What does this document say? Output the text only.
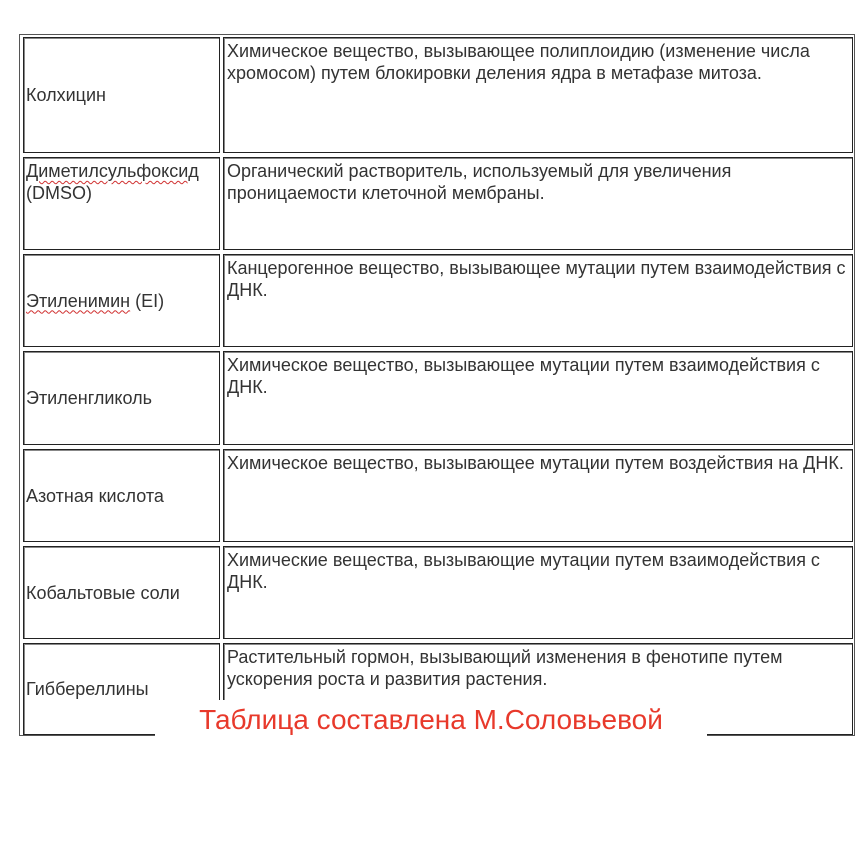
Колхицин
Химическое вещество, вызывающее полиплоидию (изменение числа хромосом) путем блокировки деления ядра в метафазе митоза.
Диметилсульфоксид
(DMSO)
Органический растворитель, используемый для увеличения проницаемости клеточной мембраны.
Этиленимин (EI)
Канцерогенное вещество, вызывающее мутации путем взаимодействия с ДНК.
Этиленгликоль
Химическое вещество, вызывающее мутации путем взаимодействия с ДНК.
Азотная кислота
Химическое вещество, вызывающее мутации путем воздействия на ДНК.
Кобальтовые соли
Химические вещества, вызывающие мутации путем взаимодействия с ДНК.
Гиббереллины
Растительный гормон, вызывающий изменения в фенотипе путем ускорения роста и развития растения.
Таблица составлена М.Соловьевой
